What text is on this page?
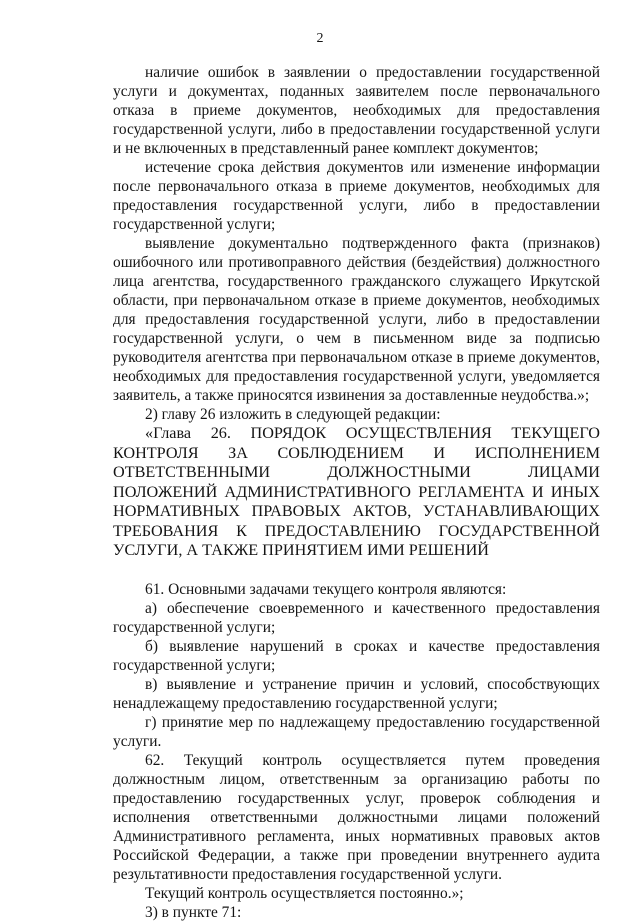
2

наличие ошибок в заявлении о предоставлении государственной услуги и документах, поданных заявителем после первоначального отказа в приеме документов, необходимых для предоставления государственной услуги, либо в предоставлении государственной услуги и не включенных в представленный ранее комплект документов;

истечение срока действия документов или изменение информации после первоначального отказа в приеме документов, необходимых для предоставления государственной услуги, либо в предоставлении государственной услуги;

выявление документально подтвержденного факта (признаков) ошибочного или противоправного действия (бездействия) должностного лица агентства, государственного гражданского служащего Иркутской области, при первоначальном отказе в приеме документов, необходимых для предоставления государственной услуги, либо в предоставлении государственной услуги, о чем в письменном виде за подписью руководителя агентства при первоначальном отказе в приеме документов, необходимых для предоставления государственной услуги, уведомляется заявитель, а также приносятся извинения за доставленные неудобства.»;

2) главу 26 изложить в следующей редакции:

«Глава 26. ПОРЯДОК ОСУЩЕСТВЛЕНИЯ ТЕКУЩЕГО КОНТРОЛЯ ЗА СОБЛЮДЕНИЕМ И ИСПОЛНЕНИЕМ ОТВЕТСТВЕННЫМИ ДОЛЖНОСТНЫМИ ЛИЦАМИ ПОЛОЖЕНИЙ АДМИНИСТРАТИВНОГО РЕГЛАМЕНТА И ИНЫХ НОРМАТИВНЫХ ПРАВОВЫХ АКТОВ, УСТАНАВЛИВАЮЩИХ ТРЕБОВАНИЯ К ПРЕДОСТАВЛЕНИЮ ГОСУДАРСТВЕННОЙ УСЛУГИ, А ТАКЖЕ ПРИНЯТИЕМ ИМИ РЕШЕНИЙ

61. Основными задачами текущего контроля являются:

а) обеспечение своевременного и качественного предоставления государственной услуги;

б) выявление нарушений в сроках и качестве предоставления государственной услуги;

в) выявление и устранение причин и условий, способствующих ненадлежащему предоставлению государственной услуги;

г) принятие мер по надлежащему предоставлению государственной услуги.

62. Текущий контроль осуществляется путем проведения должностным лицом, ответственным за организацию работы по предоставлению государственных услуг, проверок соблюдения и исполнения ответственными должностными лицами положений Административного регламента, иных нормативных правовых актов Российской Федерации, а также при проведении внутреннего аудита результативности предоставления государственной услуги.

Текущий контроль осуществляется постоянно.»;

3) в пункте 71:
